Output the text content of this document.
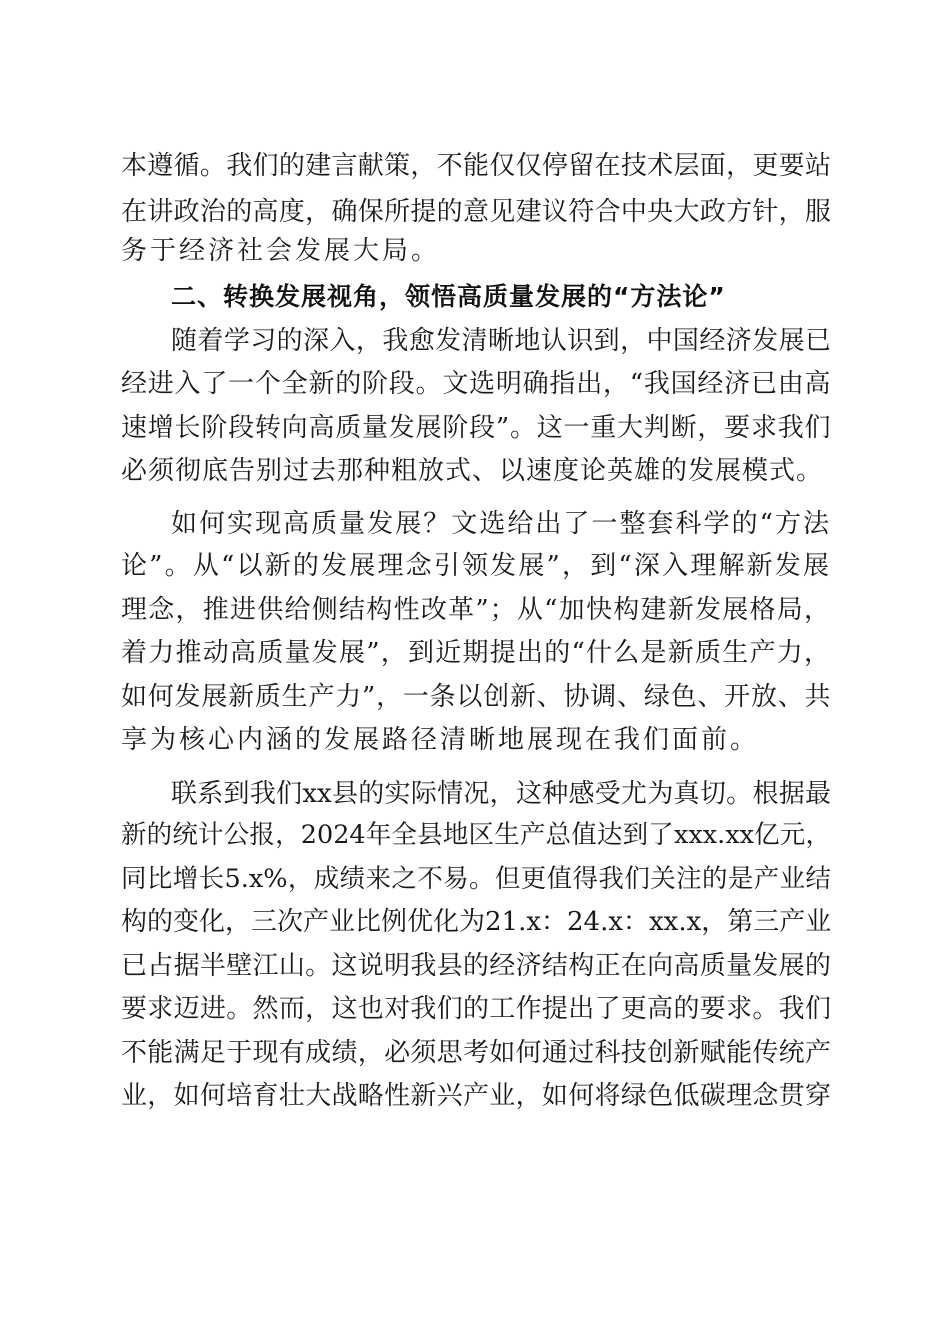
本遵循。我们的建言献策，不能仅仅停留在技术层面，更要站
在讲政治的高度，确保所提的意见建议符合中央大政方针，服
务于经济社会发展大局。
二、转换发展视角，领悟高质量发展的“方法论”
随着学习的深入，我愈发清晰地认识到，中国经济发展已
经进入了一个全新的阶段。文选明确指出，“我国经济已由高
速增长阶段转向高质量发展阶段”。这一重大判断，要求我们
必须彻底告别过去那种粗放式、以速度论英雄的发展模式。
如何实现高质量发展？文选给出了一整套科学的“方法
论”。从“以新的发展理念引领发展”，到“深入理解新发展
理念，推进供给侧结构性改革”；从“加快构建新发展格局，
着力推动高质量发展”，到近期提出的“什么是新质生产力，
如何发展新质生产力”，一条以创新、协调、绿色、开放、共
享为核心内涵的发展路径清晰地展现在我们面前。
联系到我们xx县的实际情况，这种感受尤为真切。根据最
新的统计公报，2024年全县地区生产总值达到了xxx.xx亿元，
同比增长5.x%，成绩来之不易。但更值得我们关注的是产业结
构的变化，三次产业比例优化为21.x：24.x：xx.x，第三产业
已占据半壁江山。这说明我县的经济结构正在向高质量发展的
要求迈进。然而，这也对我们的工作提出了更高的要求。我们
不能满足于现有成绩，必须思考如何通过科技创新赋能传统产
业，如何培育壮大战略性新兴产业，如何将绿色低碳理念贯穿
